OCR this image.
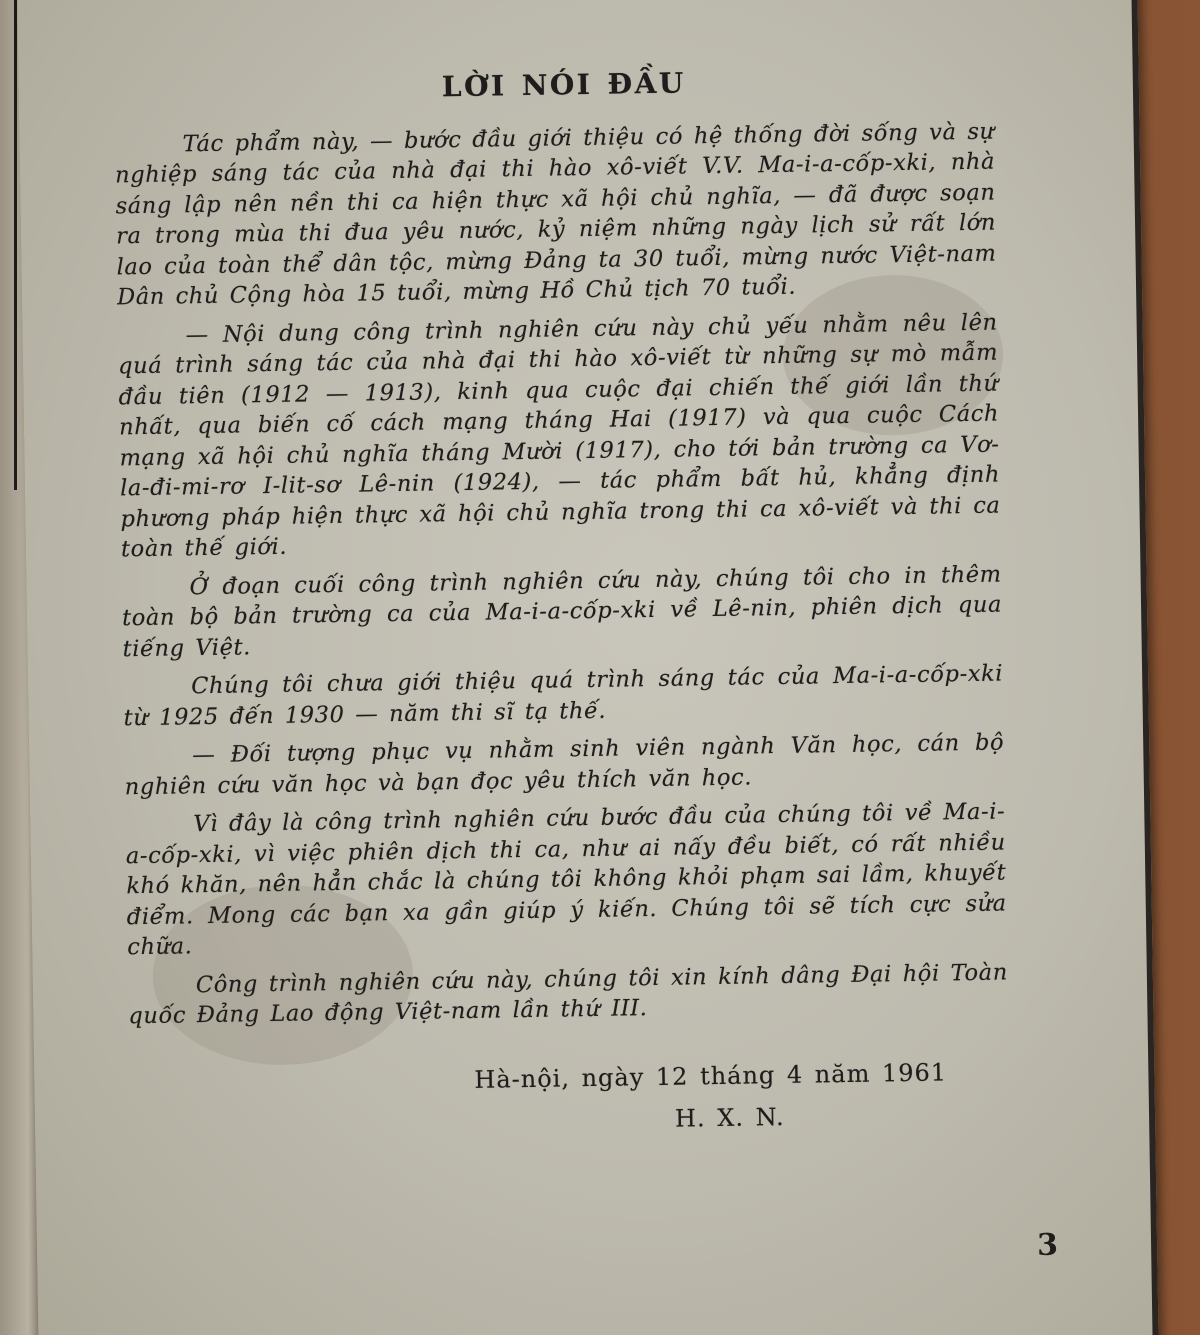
LỜI NÓI ĐẦU

Tác phẩm này, — bước đầu giới thiệu có hệ thống đời sống và sự nghiệp sáng tác của nhà đại thi hào xô-viết V.V. Ma-i-a-cốp-xki, nhà sáng lập nên nền thi ca hiện thực xã hội chủ nghĩa, — đã được soạn ra trong mùa thi đua yêu nước, kỷ niệm những ngày lịch sử rất lớn lao của toàn thể dân tộc, mừng Đảng ta 30 tuổi, mừng nước Việt-nam Dân chủ Cộng hòa 15 tuổi, mừng Hồ Chủ tịch 70 tuổi.

— Nội dung công trình nghiên cứu này chủ yếu nhằm nêu lên quá trình sáng tác của nhà đại thi hào xô-viết từ những sự mò mẫm đầu tiên (1912 — 1913), kinh qua cuộc đại chiến thế giới lần thứ nhất, qua biến cố cách mạng tháng Hai (1917) và qua cuộc Cách mạng xã hội chủ nghĩa tháng Mười (1917), cho tới bản trường ca Vơ-la-đi-mi-rơ I-lit-sơ Lê-nin (1924), — tác phẩm bất hủ, khẳng định phương pháp hiện thực xã hội chủ nghĩa trong thi ca xô-viết và thi ca toàn thế giới.

Ở đoạn cuối công trình nghiên cứu này, chúng tôi cho in thêm toàn bộ bản trường ca của Ma-i-a-cốp-xki về Lê-nin, phiên dịch qua tiếng Việt.

Chúng tôi chưa giới thiệu quá trình sáng tác của Ma-i-a-cốp-xki từ 1925 đến 1930 — năm thi sĩ tạ thế.

— Đối tượng phục vụ nhằm sinh viên ngành Văn học, cán bộ nghiên cứu văn học và bạn đọc yêu thích văn học.

Vì đây là công trình nghiên cứu bước đầu của chúng tôi về Ma-i-a-cốp-xki, vì việc phiên dịch thi ca, như ai nấy đều biết, có rất nhiều khó khăn, nên hẳn chắc là chúng tôi không khỏi phạm sai lầm, khuyết điểm. Mong các bạn xa gần giúp ý kiến. Chúng tôi sẽ tích cực sửa chữa.

Công trình nghiên cứu này, chúng tôi xin kính dâng Đại hội Toàn quốc Đảng Lao động Việt-nam lần thứ III.

Hà-nội, ngày 12 tháng 4 năm 1961
H. X. N.
3
